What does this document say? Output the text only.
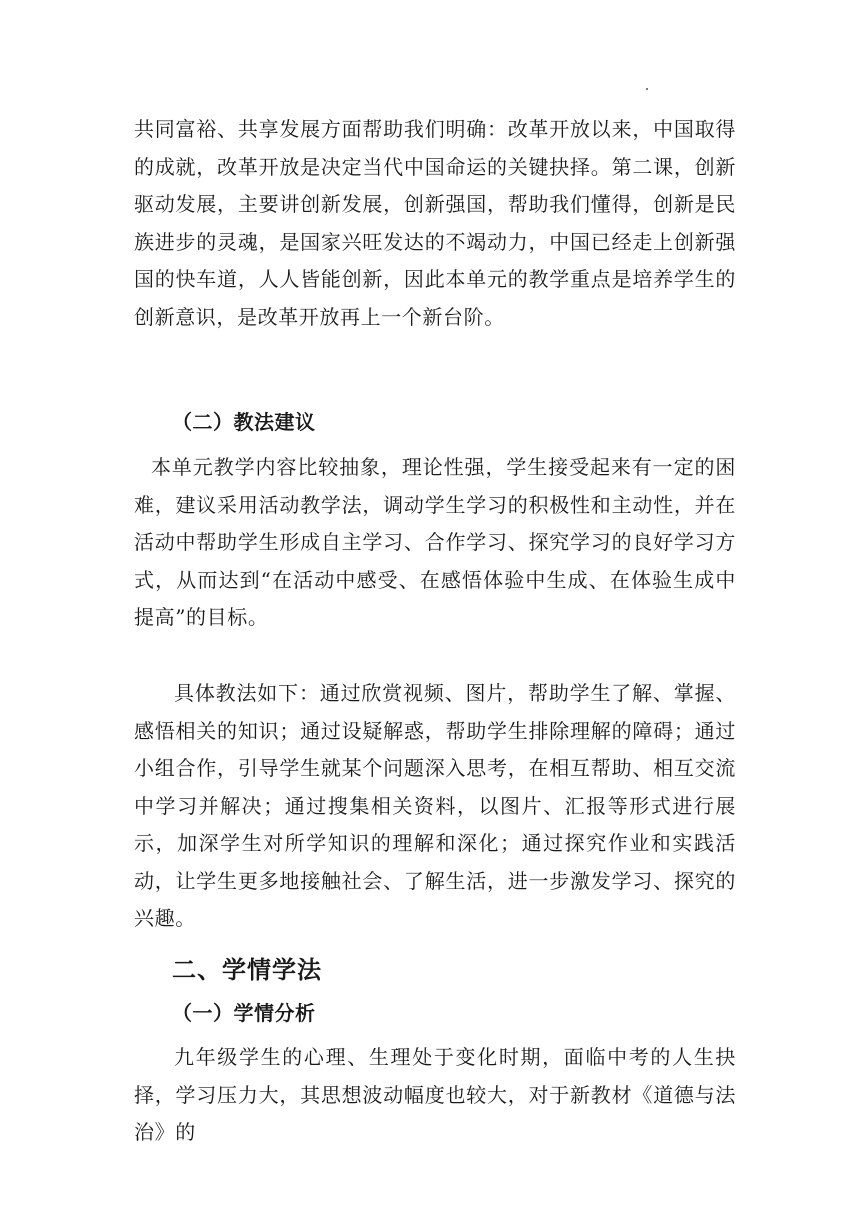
共同富裕、共享发展方面帮助我们明确：改革开放以来，中国取得的成就，改革开放是决定当代中国命运的关键抉择。第二课，创新驱动发展，主要讲创新发展，创新强国，帮助我们懂得，创新是民族进步的灵魂，是国家兴旺发达的不竭动力，中国已经走上创新强国的快车道，人人皆能创新，因此本单元的教学重点是培养学生的创新意识，是改革开放再上一个新台阶。

（二）教法建议

本单元教学内容比较抽象，理论性强，学生接受起来有一定的困难，建议采用活动教学法，调动学生学习的积极性和主动性，并在活动中帮助学生形成自主学习、合作学习、探究学习的良好学习方式，从而达到“在活动中感受、在感悟体验中生成、在体验生成中提高”的目标。

具体教法如下：通过欣赏视频、图片，帮助学生了解、掌握、感悟相关的知识；通过设疑解惑，帮助学生排除理解的障碍；通过小组合作，引导学生就某个问题深入思考，在相互帮助、相互交流中学习并解决；通过搜集相关资料，以图片、汇报等形式进行展示，加深学生对所学知识的理解和深化；通过探究作业和实践活动，让学生更多地接触社会、了解生活，进一步激发学习、探究的兴趣。

二、学情学法
（一）学情分析

九年级学生的心理、生理处于变化时期，面临中考的人生抉择，学习压力大，其思想波动幅度也较大，对于新教材《道德与法治》的
